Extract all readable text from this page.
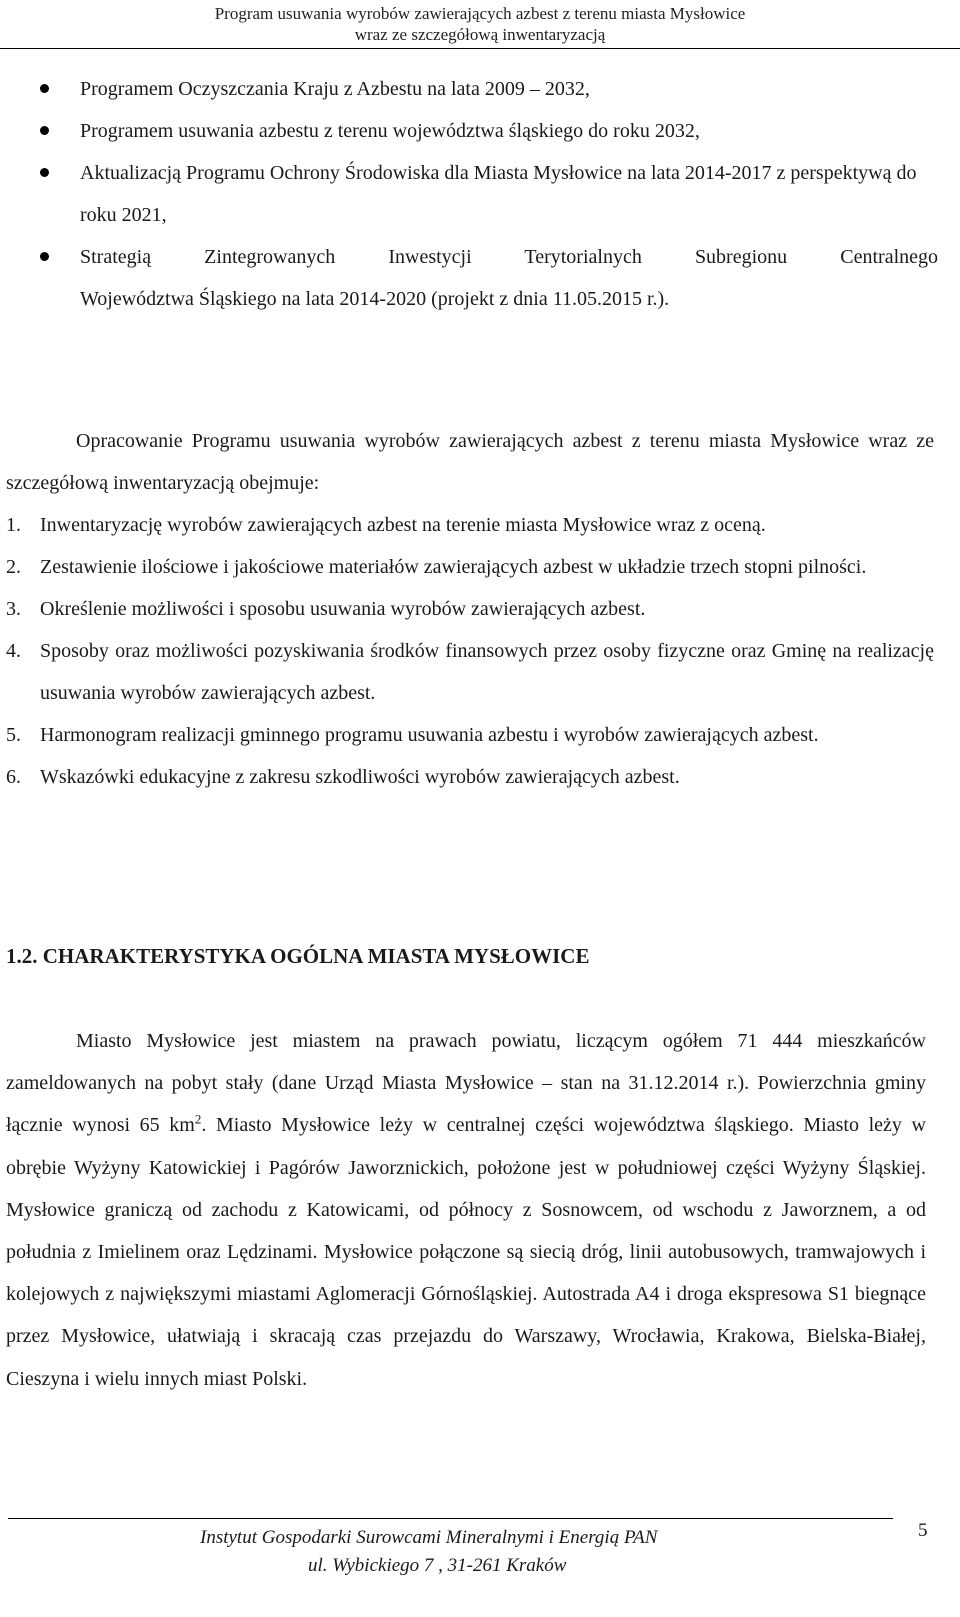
Program usuwania wyrobów zawierających azbest z terenu miasta Mysłowice
wraz ze szczegółową inwentaryzacją
Programem Oczyszczania Kraju z Azbestu na lata 2009 – 2032,
Programem usuwania azbestu z terenu województwa śląskiego do roku 2032,
Aktualizacją Programu Ochrony Środowiska dla Miasta Mysłowice na lata 2014-2017 z perspektywą do roku 2021,
Strategią Zintegrowanych Inwestycji Terytorialnych Subregionu Centralnego
Województwa Śląskiego na lata 2014-2020 (projekt z dnia 11.05.2015 r.).

Opracowanie Programu usuwania wyrobów zawierających azbest z terenu miasta Mysłowice wraz ze szczegółową inwentaryzacją obejmuje:

1. Inwentaryzację wyrobów zawierających azbest na terenie miasta Mysłowice wraz z oceną.
2. Zestawienie ilościowe i jakościowe materiałów zawierających azbest w układzie trzech stopni pilności.
3. Określenie możliwości i sposobu usuwania wyrobów zawierających azbest.
4. Sposoby oraz możliwości pozyskiwania środków finansowych przez osoby fizyczne oraz Gminę na realizację usuwania wyrobów zawierających azbest.
5. Harmonogram realizacji gminnego programu usuwania azbestu i wyrobów zawierających azbest.
6. Wskazówki edukacyjne z zakresu szkodliwości wyrobów zawierających azbest.
1.2. CHARAKTERYSTYKA OGÓLNA MIASTA MYSŁOWICE

Miasto Mysłowice jest miastem na prawach powiatu, liczącym ogółem 71 444 mieszkańców zameldowanych na pobyt stały (dane Urząd Miasta Mysłowice – stan na 31.12.2014 r.). Powierzchnia gminy łącznie wynosi 65 $km^2$. Miasto Mysłowice leży w centralnej części województwa śląskiego. Miasto leży w obrębie Wyżyny Katowickiej i Pagórów Jaworznickich, położone jest w południowej części Wyżyny Śląskiej. Mysłowice graniczą od zachodu z Katowicami, od północy z Sosnowcem, od wschodu z Jaworznem, a od południa z Imielinem oraz Lędzinami. Mysłowice połączone są siecią dróg, linii autobusowych, tramwajowych i kolejowych z największymi miastami Aglomeracji Górnośląskiej. Autostrada A4 i droga ekspresowa S1 biegnące przez Mysłowice, ułatwiają i skracają czas przejazdu do Warszawy, Wrocławia, Krakowa, Bielska-Białej, Cieszyna i wielu innych miast Polski.

Instytut Gospodarki Surowcami Mineralnymi i Energią PAN
ul. Wybickiego 7 , 31-261 Kraków
5
